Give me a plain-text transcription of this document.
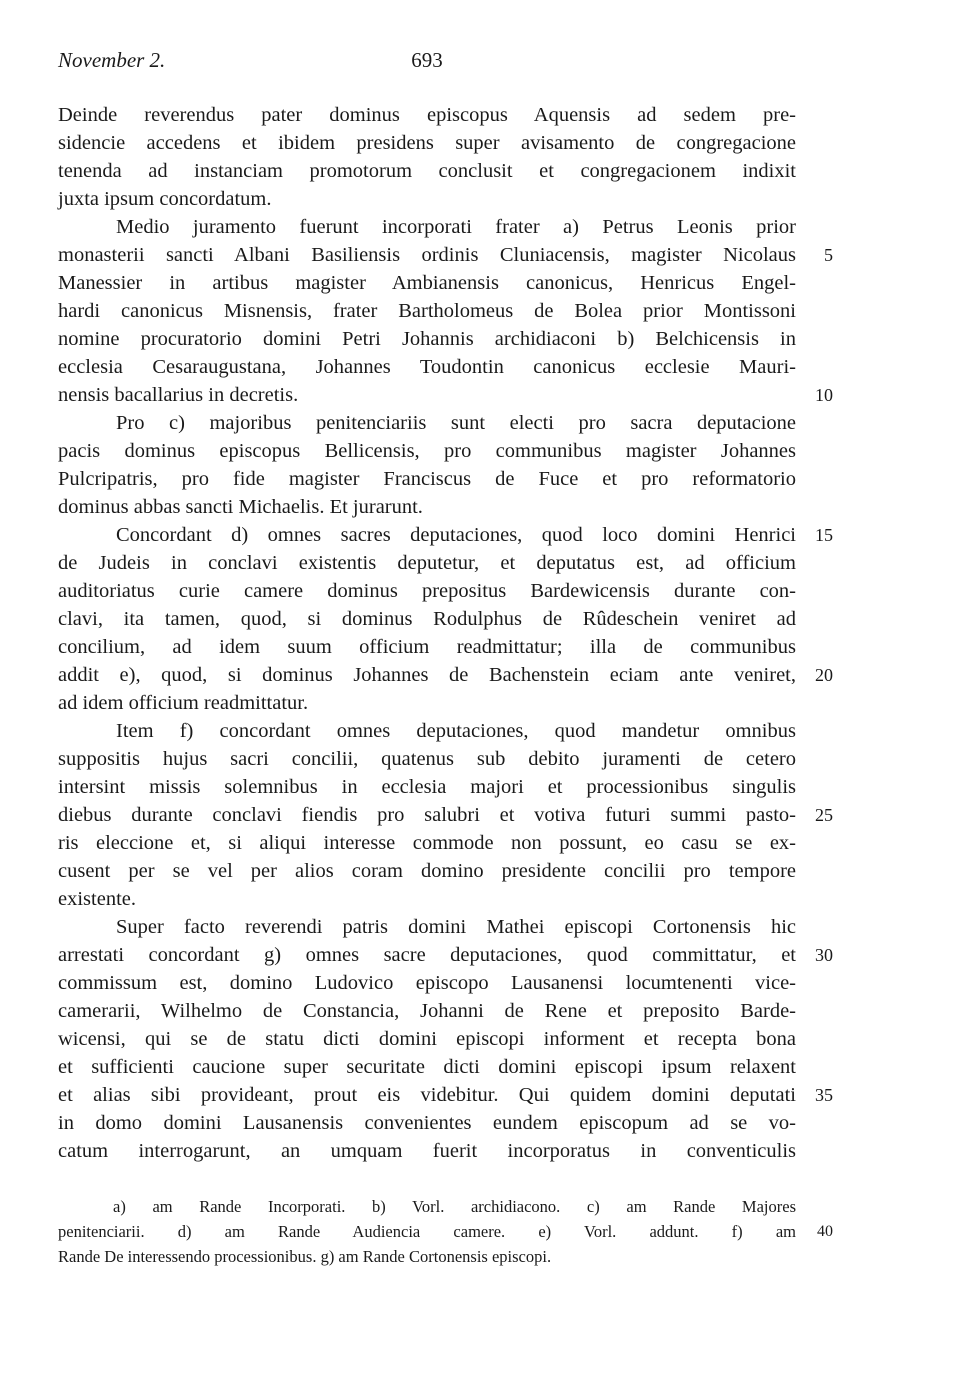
November 2.	693
Deinde reverendus pater dominus episcopus Aquensis ad sedem pre-
sidencie accedens et ibidem presidens super avisamento de congregacione
tenenda ad instanciam promotorum conclusit et congregacionem indixit
juxta ipsum concordatum.
Medio juramento fuerunt incorporati frater a) Petrus Leonis prior
monasterii sancti Albani Basiliensis ordinis Cluniacensis, magister Nicolaus
Manessier in artibus magister Ambianensis canonicus, Henricus Engel-
hardi canonicus Misnensis, frater Bartholomeus de Bolea prior Montissoni
nomine procuratorio domini Petri Johannis archidiaconi b) Belchicensis in
ecclesia Cesaraugustana, Johannes Toudontin canonicus ecclesie Mauri-
nensis bacallarius in decretis.
Pro c) majoribus penitenciariis sunt electi pro sacra deputacione
pacis dominus episcopus Bellicensis, pro communibus magister Johannes
Pulcripatris, pro fide magister Franciscus de Fuce et pro reformatorio
dominus abbas sancti Michaelis. Et jurarunt.
Concordant d) omnes sacres deputaciones, quod loco domini Henrici
de Judeis in conclavi existentis deputetur, et deputatus est, ad officium
auditoriatus curie camere dominus prepositus Bardewicensis durante con-
clavi, ita tamen, quod, si dominus Rodulphus de Rûdeschein veniret ad
concilium, ad idem suum officium readmittatur; illa de communibus
addit e), quod, si dominus Johannes de Bachenstein eciam ante veniret,
ad idem officium readmittatur.
Item f) concordant omnes deputaciones, quod mandetur omnibus
suppositis hujus sacri concilii, quatenus sub debito juramenti de cetero
intersint missis solemnibus in ecclesia majori et processionibus singulis
diebus durante conclavi fiendis pro salubri et votiva futuri summi pasto-
ris eleccione et, si aliqui interesse commode non possunt, eo casu se ex-
cusent per se vel per alios coram domino presidente concilii pro tempore
existente.
Super facto reverendi patris domini Mathei episcopi Cortonensis hic
arrestati concordant g) omnes sacre deputaciones, quod committatur, et
commissum est, domino Ludovico episcopo Lausanensi locumtenenti vice-
camerarii, Wilhelmo de Constancia, Johanni de Rene et preposito Barde-
wicensi, qui se de statu dicti domini episcopi informent et recepta bona
et sufficienti caucione super securitate dicti domini episcopi ipsum relaxent
et alias sibi provideant, prout eis videbitur. Qui quidem domini deputati
in domo domini Lausanensis convenientes eundem episcopum ad se vo-
catum interrogarunt, an umquam fuerit incorporatus in conventiculis
5
10
15
20
25
30
35
a) am Rande Incorporati. b) Vorl. archidiacono. c) am Rande Majores
penitenciarii. d) am Rande Audiencia camere. e) Vorl. addunt. f) am
Rande De interessendo processionibus. g) am Rande Cortonensis episcopi.
40
